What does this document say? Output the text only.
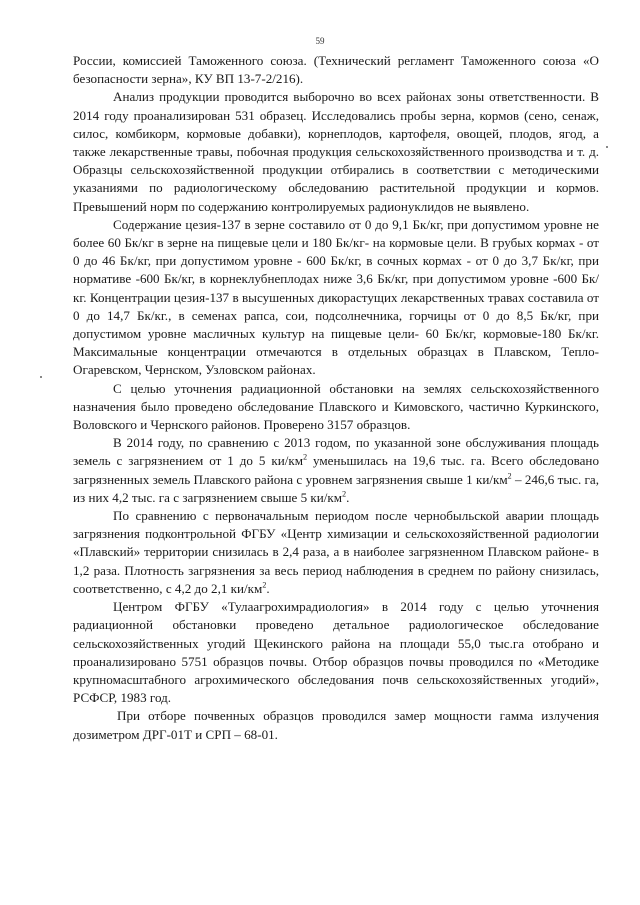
59

России, комиссией Таможенного союза. (Технический регламент Таможенного союза «О безопасности зерна», КУ ВП 13-7-2/216).

Анализ продукции проводится выборочно во всех районах зоны ответственности. В 2014 году проанализирован 531 образец. Исследовались пробы зерна, кормов (сено, сенаж, силос, комбикорм, кормовые добавки), корнеплодов, картофеля, овощей, плодов, ягод, а также лекарственные травы, побочная продукция сельскохозяйственного производства и т. д. Образцы сельскохозяйственной продукции отбирались в соответствии с методическими указаниями по радиологическому обследованию растительной продукции и кормов. Превышений норм по содержанию контролируемых радионуклидов не выявлено.

Содержание цезия-137 в зерне составило от 0 до 9,1 Бк/кг, при допустимом уровне не более 60 Бк/кг в зерне на пищевые цели и 180 Бк/кг- на кормовые цели. В грубых кормах - от 0 до 46 Бк/кг, при допустимом уровне - 600 Бк/кг, в сочных кормах - от 0 до 3,7 Бк/кг, при нормативе -600 Бк/кг, в корнеклубнеплодах ниже 3,6 Бк/кг, при допустимом уровне -600 Бк/кг. Концентрации цезия-137 в высушенных дикорастущих лекарственных травах составила от 0 до 14,7 Бк/кг., в семенах рапса, сои, подсолнечника, горчицы от 0 до 8,5 Бк/кг, при допустимом уровне масличных культур на пищевые цели- 60 Бк/кг, кормовые-180 Бк/кг. Максимальные концентрации отмечаются в отдельных образцах в Плавском, Тепло-Огаревском, Чернском, Узловском районах.

С целью уточнения радиационной обстановки на землях сельскохозяйственного назначения было проведено обследование Плавского и Кимовского, частично Куркинского, Воловского и Чернского районов. Проверено 3157 образцов.

В 2014 году, по сравнению с 2013 годом, по указанной зоне обслуживания площадь земель с загрязнением от 1 до 5 $ки/км^2$ уменьшилась на 19,6 тыс. га. Всего обследовано загрязненных земель Плавского района с уровнем загрязнения свыше 1 $ки/км^2 - 246,6$ тыс. га, из них 4,2 тыс. га с загрязнением свыше 5 $ки/км^2$.

По сравнению с первоначальным периодом после чернобыльской аварии площадь загрязнения подконтрольной ФГБУ «Центр химизации и сельскохозяйственной радиологии «Плавский» территории снизилась в 2,4 раза, а в наиболее загрязненном Плавском районе- в 1,2 раза. Плотность загрязнения за весь период наблюдения в среднем по району снизилась, соответственно, с 4,2 до 2,1 $ки/км^2$.

Центром ФГБУ «Тулаагрохимрадиология» в 2014 году с целью уточнения радиационной обстановки проведено детальное радиологическое обследование сельскохозяйственных угодий Щекинского района на площади 55,0 тыс.га отобрано и проанализировано 5751 образцов почвы. Отбор образцов почвы проводился по «Методике крупномасштабного агрохимического обследования почв сельскохозяйственных угодий», РСФСР, 1983 год.

При отборе почвенных образцов проводился замер мощности гамма излучения дозиметром ДРГ-01Т и СРП – 68-01.
